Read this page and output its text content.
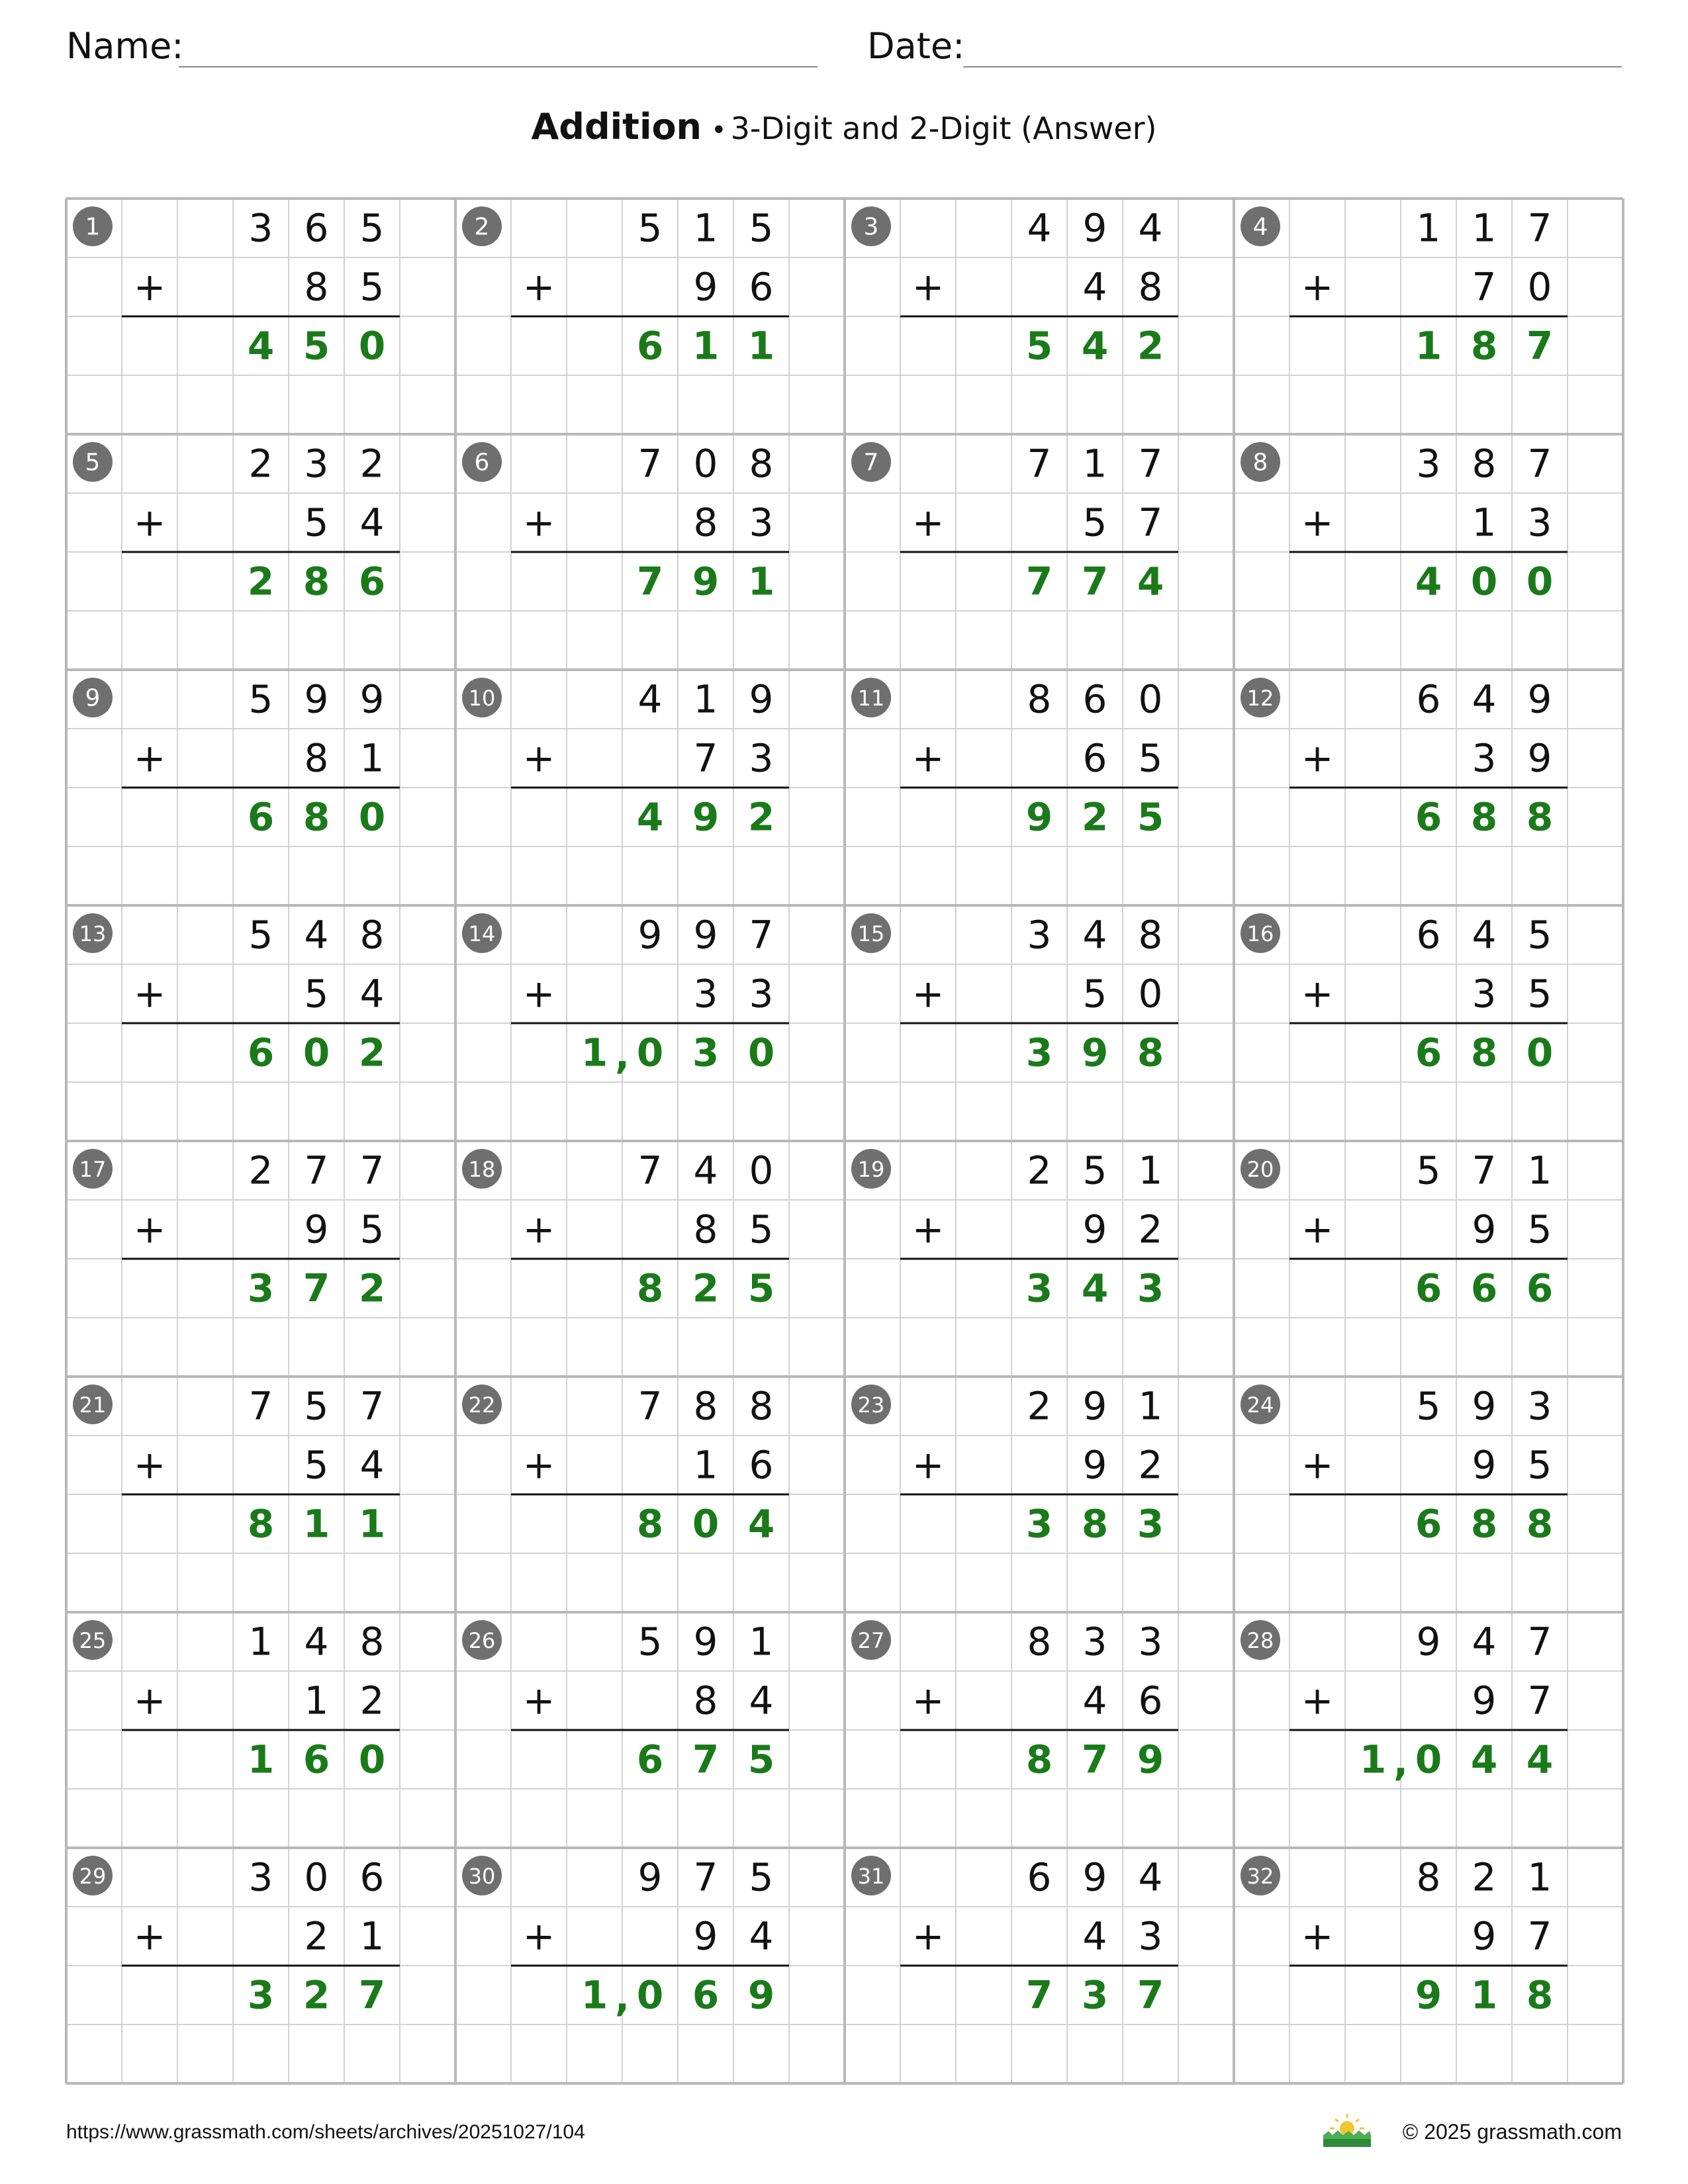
Name:	Date:
Addition • 3-Digit and 2-Digit (Answer)
1	3 6 5
+	8 5
4 5 0
2	5 1 5
+	9 6
6 1 1
3	4 9 4
+	4 8
5 4 2
4	1 1 7
+	7 0
1 8 7
5	2 3 2
+	5 4
2 8 6
6	7 0 8
+	8 3
7 9 1
7	7 1 7
+	5 7
7 7 4
8	3 8 7
+	1 3
4 0 0
9	5 9 9
+	8 1
6 8 0
10	4 1 9
+	7 3
4 9 2
11	8 6 0
+	6 5
9 2 5
12	6 4 9
+	3 9
6 8 8
13	5 4 8
+	5 4
6 0 2
14	9 9 7
+	3 3
1 0 3 0
,
15	3 4 8
+	5 0
3 9 8
16	6 4 5
+	3 5
6 8 0
17	2 7 7
+	9 5
3 7 2
18	7 4 0
+	8 5
8 2 5
19	2 5 1
+	9 2
3 4 3
20	5 7 1
+	9 5
6 6 6
21	7 5 7
+	5 4
8 1 1
22	7 8 8
+	1 6
8 0 4
23	2 9 1
+	9 2
3 8 3
24	5 9 3
+	9 5
6 8 8
25	1 4 8
+	1 2
1 6 0
26	5 9 1
+	8 4
6 7 5
27	8 3 3
+	4 6
8 7 9
28	9 4 7
+	9 7
1 0 4 4
,
29	3 0 6
+	2 1
3 2 7
30	9 7 5
+	9 4
1 0 6 9
,
31	6 9 4
+	4 3
7 3 7
32	8 2 1
+	9 7
9 1 8
https://www.grassmath.com/sheets/archives/20251027/104	© 2025 grassmath.com
